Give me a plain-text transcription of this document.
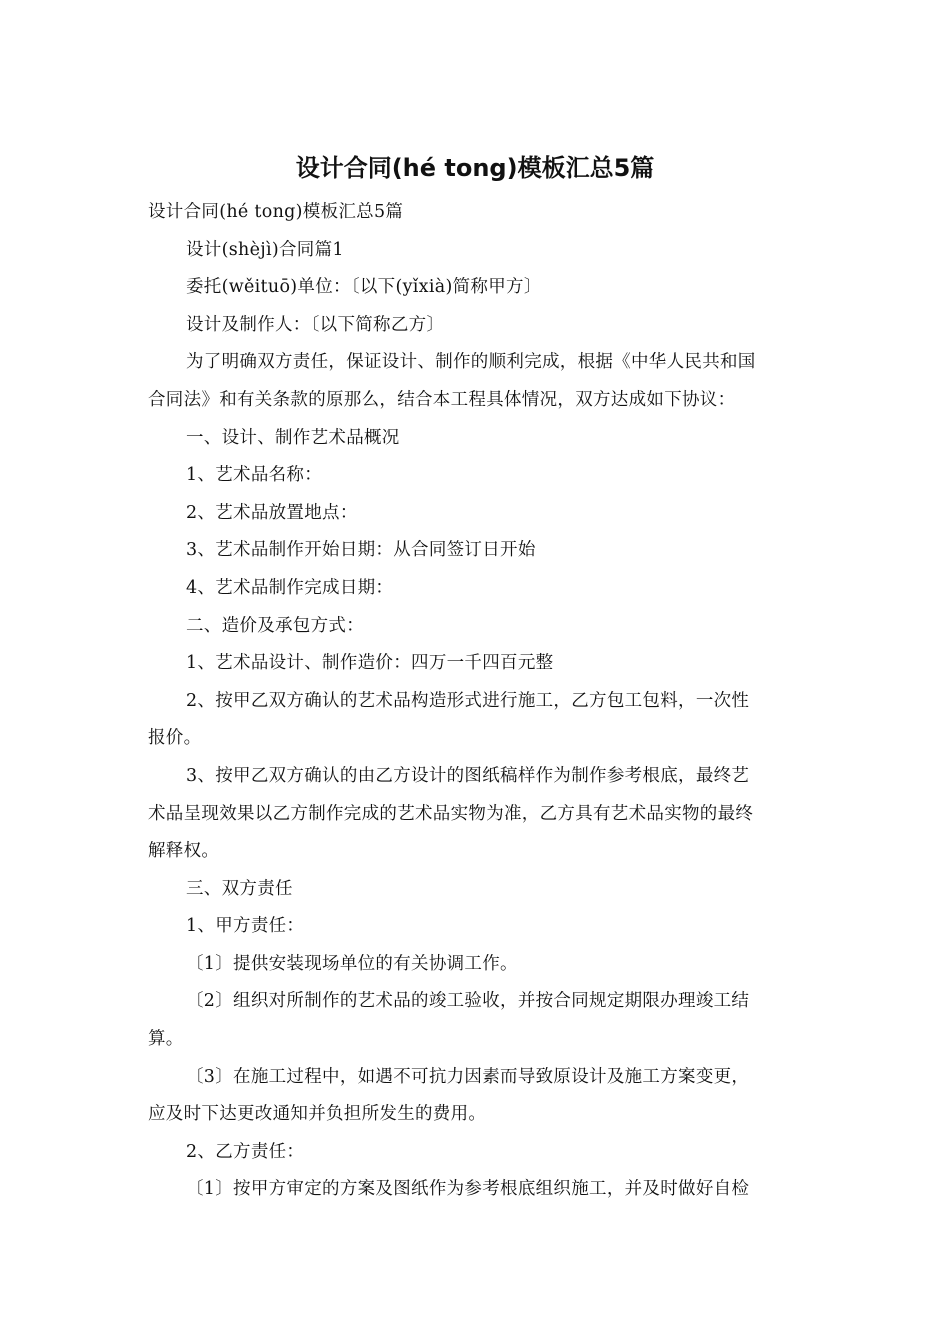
设计合同(hé tong)模板汇总5篇

设计合同(hé tong)模板汇总5篇

设计(shèjì)合同篇1

委托(wěituō)单位：〔以下(yǐxià)简称甲方〕

设计及制作人：〔以下简称乙方〕

为了明确双方责任，保证设计、制作的顺利完成，根据《中华人民共和国

合同法》和有关条款的原那么，结合本工程具体情况，双方达成如下协议：

一、设计、制作艺术品概况

1、艺术品名称：

2、艺术品放置地点：

3、艺术品制作开始日期：从合同签订日开始

4、艺术品制作完成日期：

二、造价及承包方式：

1、艺术品设计、制作造价：四万一千四百元整

2、按甲乙双方确认的艺术品构造形式进行施工，乙方包工包料，一次性

报价。

3、按甲乙双方确认的由乙方设计的图纸稿样作为制作参考根底，最终艺

术品呈现效果以乙方制作完成的艺术品实物为准，乙方具有艺术品实物的最终

解释权。

三、双方责任

1、甲方责任：

〔1〕提供安装现场单位的有关协调工作。

〔2〕组织对所制作的艺术品的竣工验收，并按合同规定期限办理竣工结

算。

〔3〕在施工过程中，如遇不可抗力因素而导致原设计及施工方案变更，

应及时下达更改通知并负担所发生的费用。

2、乙方责任：

〔1〕按甲方审定的方案及图纸作为参考根底组织施工，并及时做好自检
